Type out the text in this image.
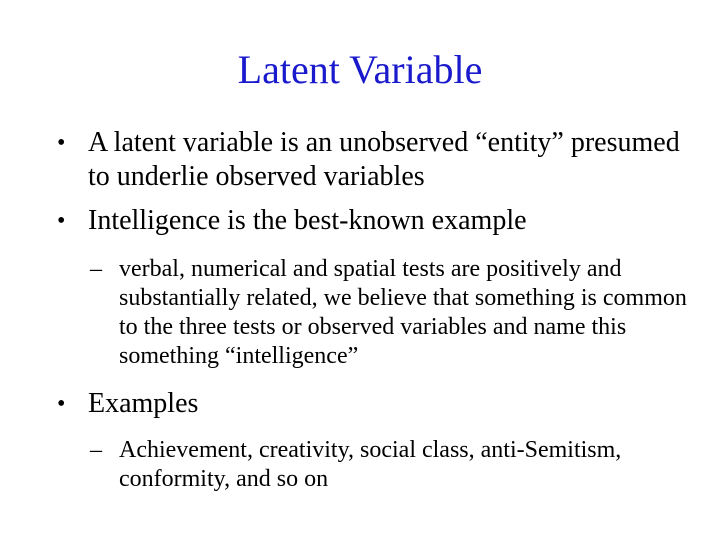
Latent Variable
• A latent variable is an unobserved “entity” presumed to underlie observed variables
• Intelligence is the best-known example
– verbal, numerical and spatial tests are positively and substantially related, we believe that something is common to the three tests or observed variables and name this something “intelligence”
• Examples
– Achievement, creativity, social class, anti-Semitism, conformity, and so on
